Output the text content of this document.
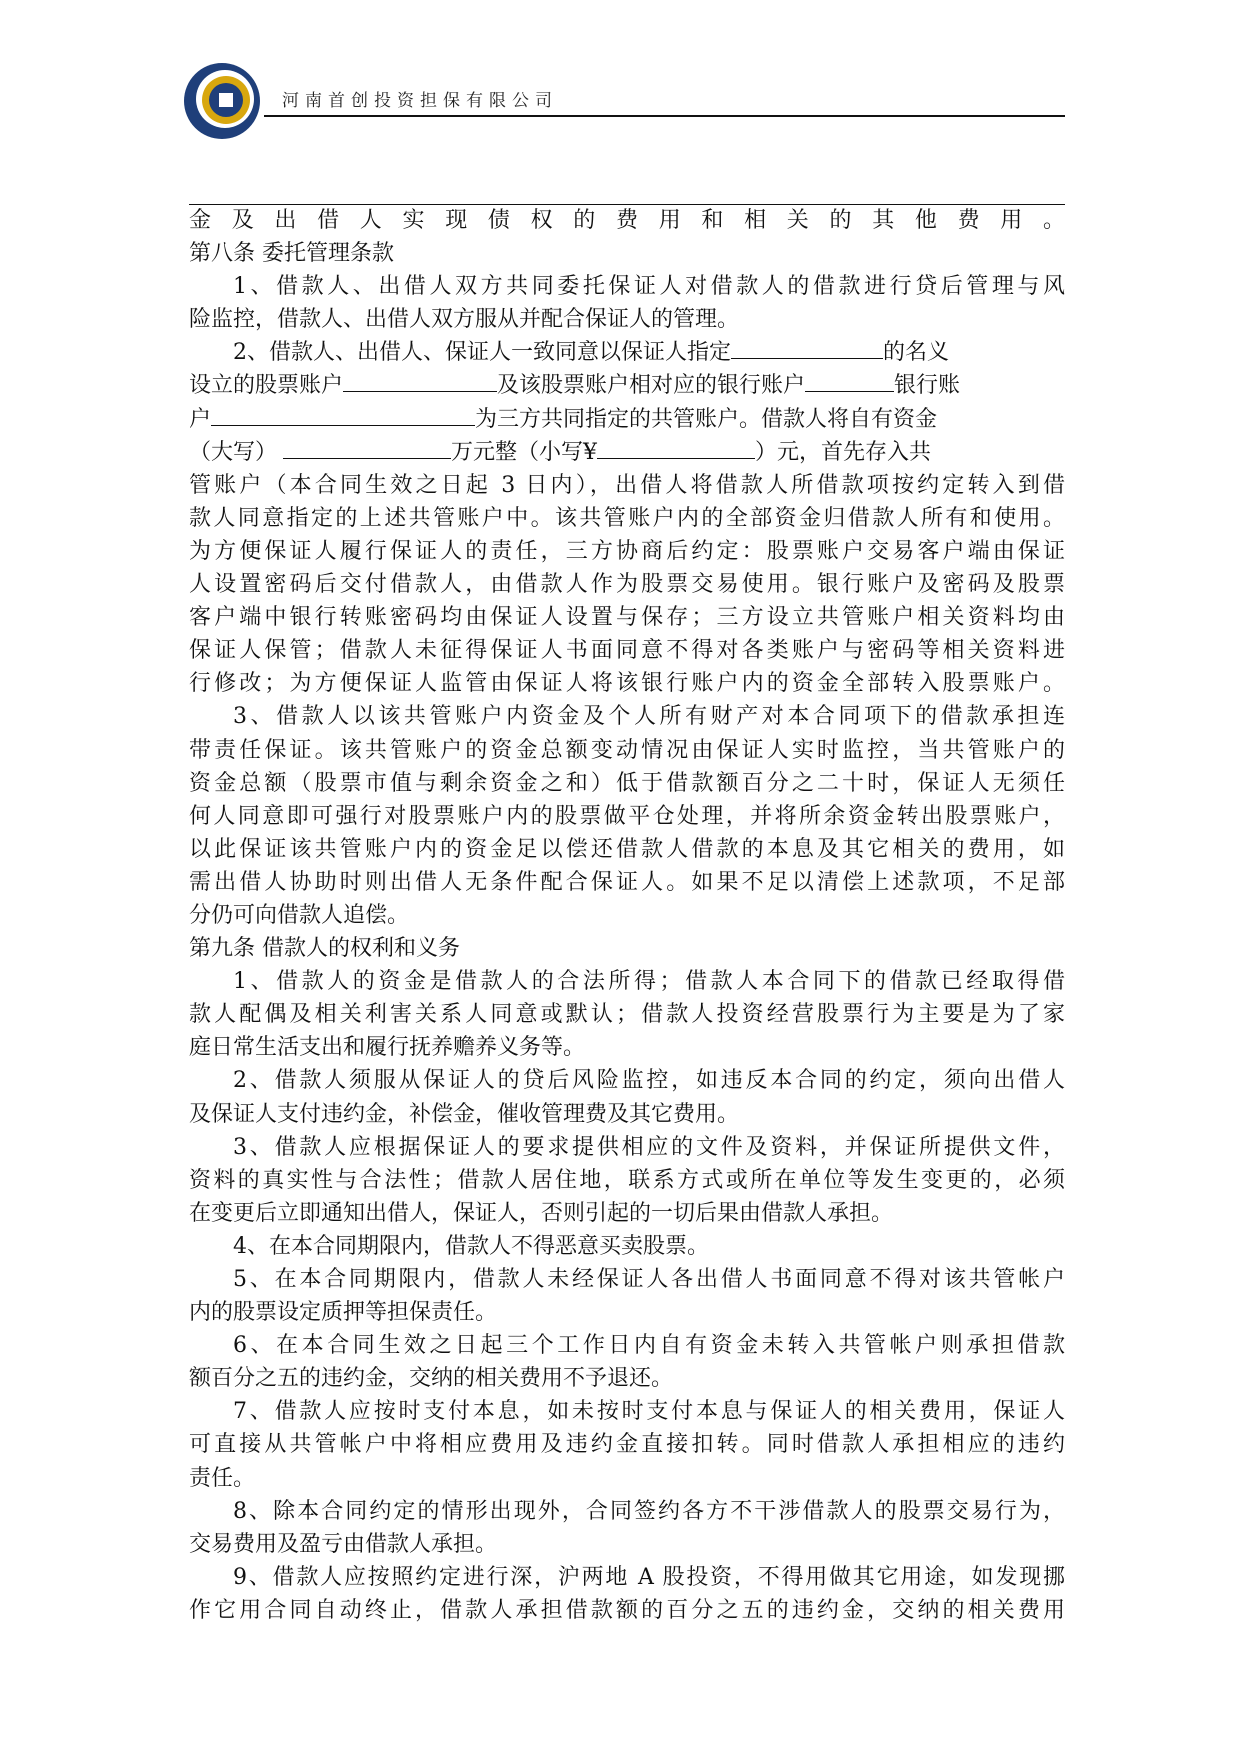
河南首创投资担保有限公司
金及出借人实现债权的费用和相关的其他费用。
第八条 委托管理条款
1、借款人、出借人双方共同委托保证人对借款人的借款进行贷后管理与风
险监控，借款人、出借人双方服从并配合保证人的管理。
2、借款人、出借人、保证人一致同意以保证人指定	的名义
设立的股票账户	及该股票账户相对应的银行账户	银行账
户	为三方共同指定的共管账户。借款人将自有资金
（大写）	万元整（小写¥	）元，首先存入共
管账户（本合同生效之日起 3 日内），出借人将借款人所借款项按约定转入到借
款人同意指定的上述共管账户中。该共管账户内的全部资金归借款人所有和使用。
为方便保证人履行保证人的责任，三方协商后约定：股票账户交易客户端由保证
人设置密码后交付借款人，由借款人作为股票交易使用。银行账户及密码及股票
客户端中银行转账密码均由保证人设置与保存；三方设立共管账户相关资料均由
保证人保管；借款人未征得保证人书面同意不得对各类账户与密码等相关资料进
行修改；为方便保证人监管由保证人将该银行账户内的资金全部转入股票账户。
3、借款人以该共管账户内资金及个人所有财产对本合同项下的借款承担连
带责任保证。该共管账户的资金总额变动情况由保证人实时监控，当共管账户的
资金总额（股票市值与剩余资金之和）低于借款额百分之二十时，保证人无须任
何人同意即可强行对股票账户内的股票做平仓处理，并将所余资金转出股票账户，
以此保证该共管账户内的资金足以偿还借款人借款的本息及其它相关的费用，如
需出借人协助时则出借人无条件配合保证人。如果不足以清偿上述款项，不足部
分仍可向借款人追偿。
第九条 借款人的权利和义务
1、借款人的资金是借款人的合法所得；借款人本合同下的借款已经取得借
款人配偶及相关利害关系人同意或默认；借款人投资经营股票行为主要是为了家
庭日常生活支出和履行抚养赡养义务等。
2、借款人须服从保证人的贷后风险监控，如违反本合同的约定，须向出借人
及保证人支付违约金，补偿金，催收管理费及其它费用。
3、借款人应根据保证人的要求提供相应的文件及资料，并保证所提供文件，
资料的真实性与合法性；借款人居住地，联系方式或所在单位等发生变更的，必须
在变更后立即通知出借人，保证人，否则引起的一切后果由借款人承担。
4、在本合同期限内，借款人不得恶意买卖股票。
5、在本合同期限内，借款人未经保证人各出借人书面同意不得对该共管帐户
内的股票设定质押等担保责任。
6、在本合同生效之日起三个工作日内自有资金未转入共管帐户则承担借款
额百分之五的违约金，交纳的相关费用不予退还。
7、借款人应按时支付本息，如未按时支付本息与保证人的相关费用，保证人
可直接从共管帐户中将相应费用及违约金直接扣转。同时借款人承担相应的违约
责任。
8、除本合同约定的情形出现外，合同签约各方不干涉借款人的股票交易行为，
交易费用及盈亏由借款人承担。
9、借款人应按照约定进行深，沪两地 A 股投资，不得用做其它用途，如发现挪
作它用合同自动终止，借款人承担借款额的百分之五的违约金，交纳的相关费用
